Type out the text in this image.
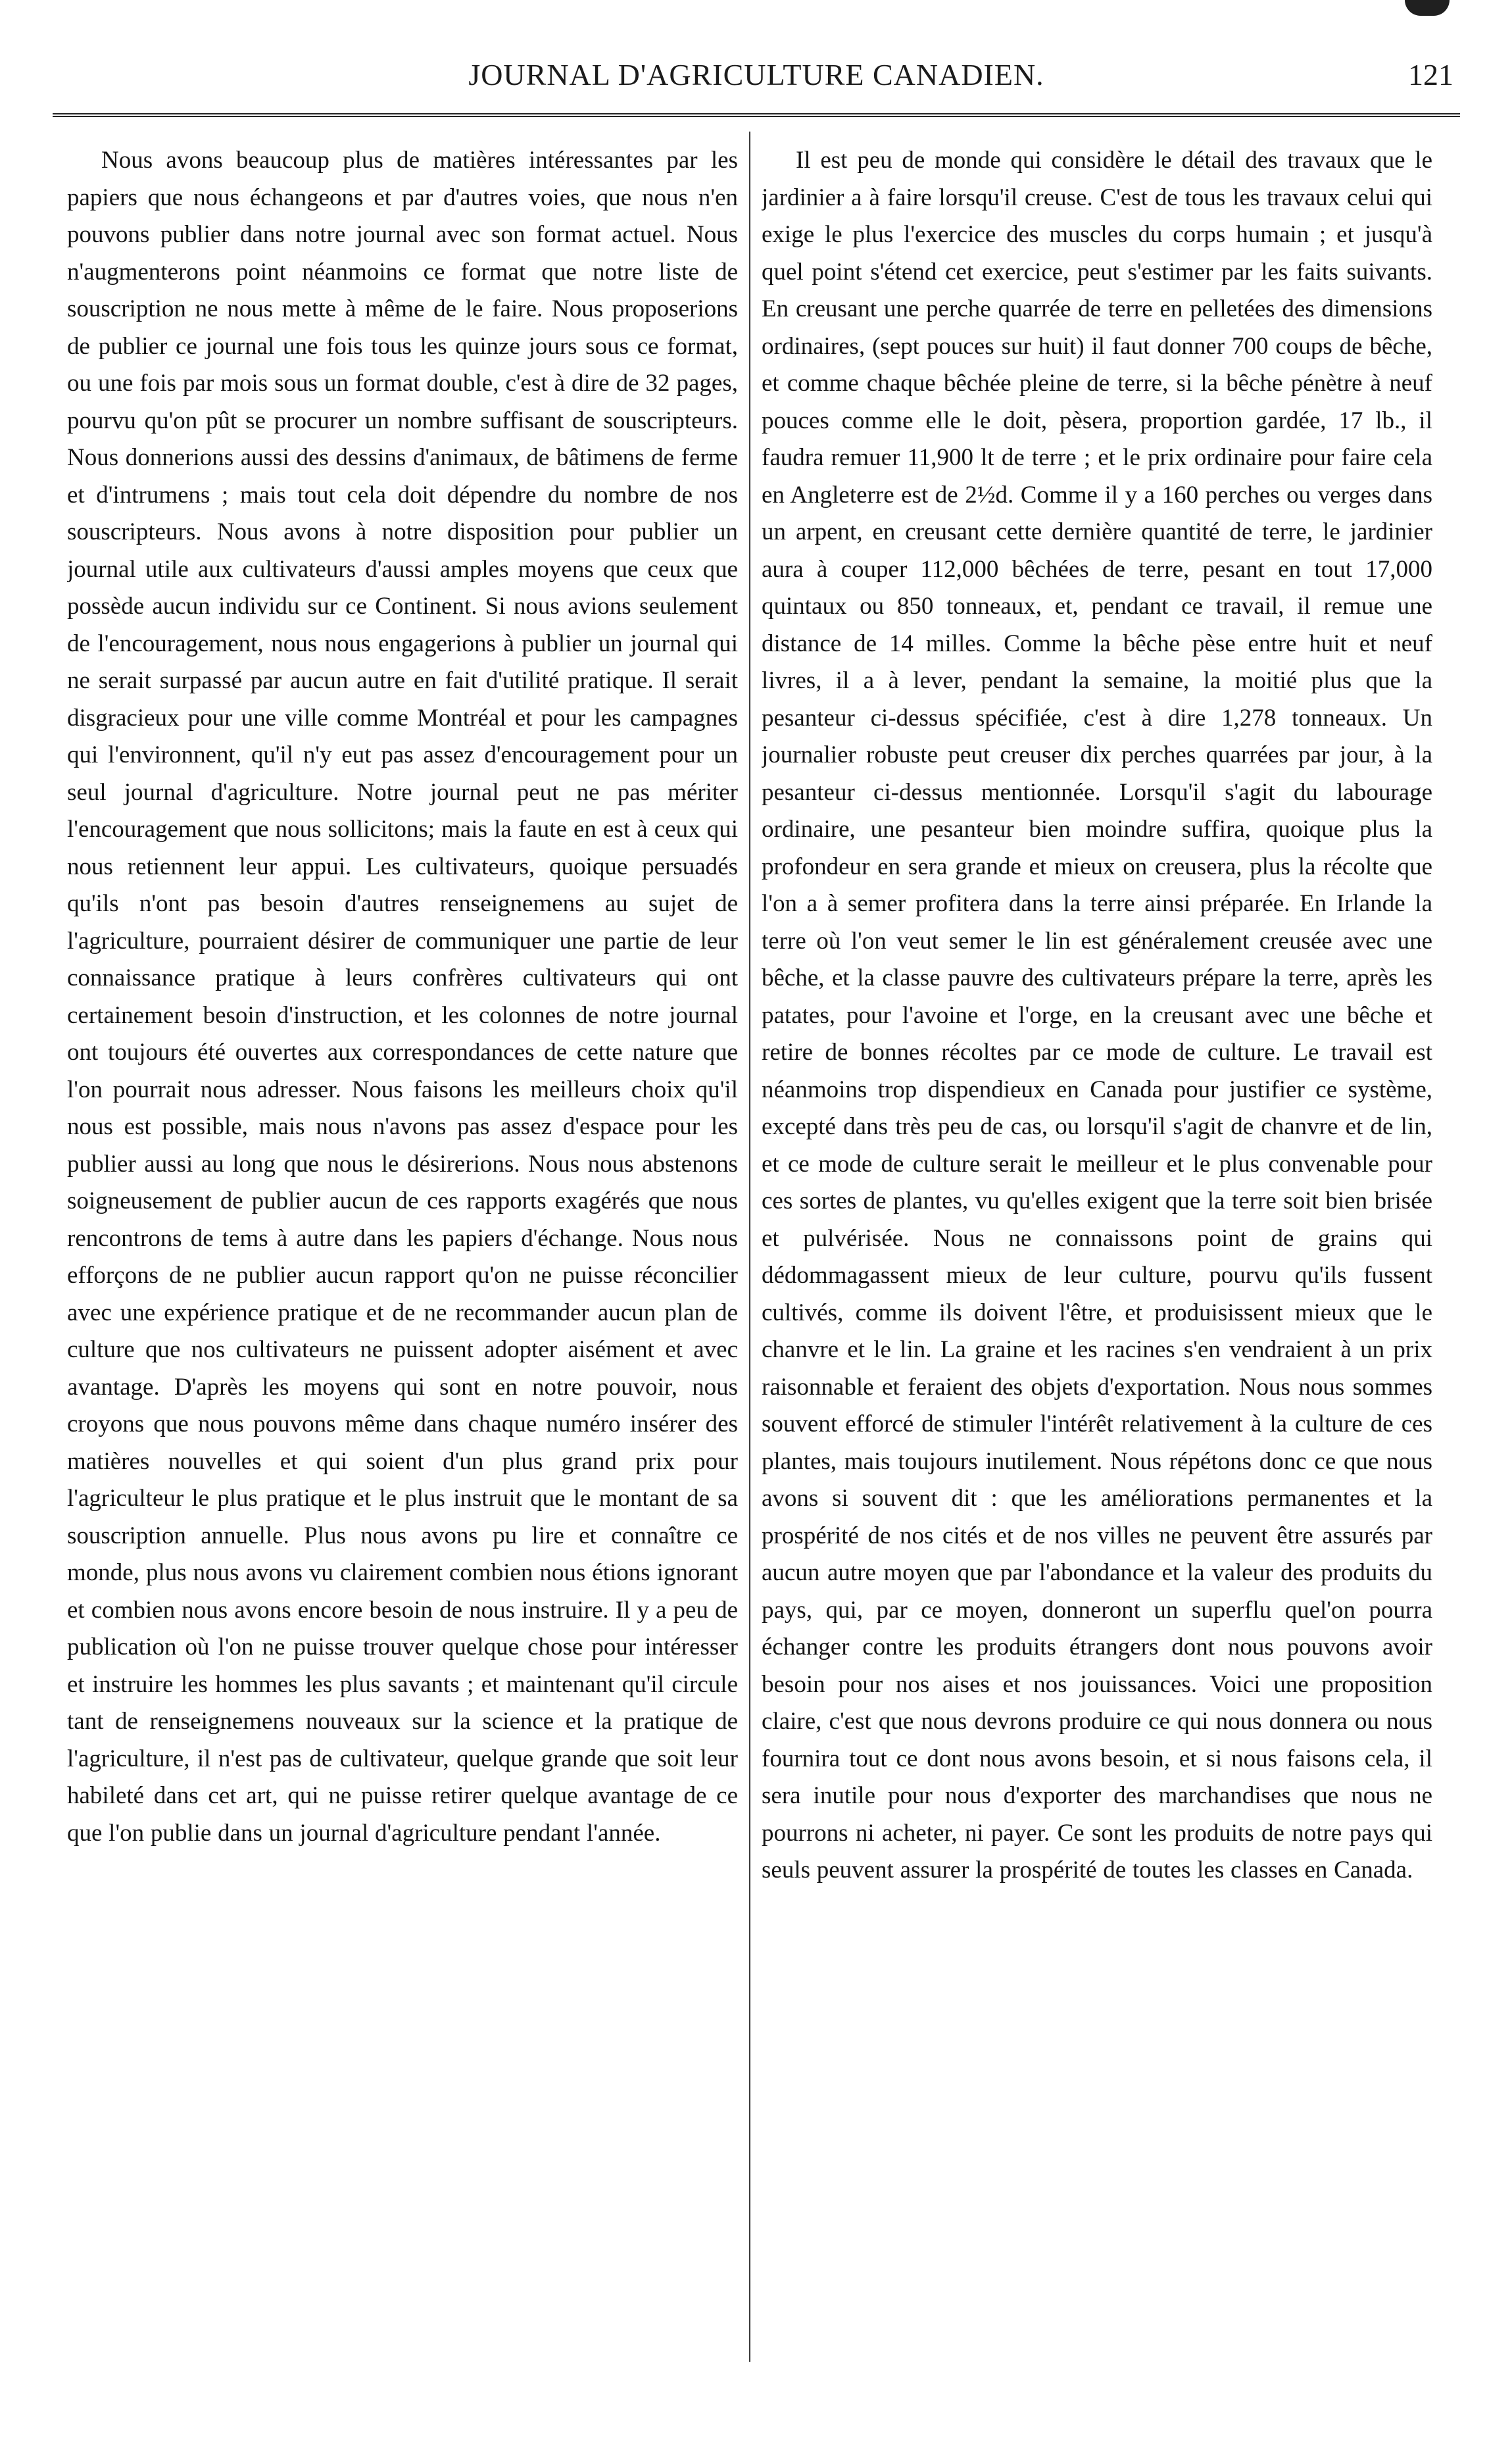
JOURNAL D'AGRICULTURE CANADIEN.	121

Nous avons beaucoup plus de matières intéressantes par les papiers que nous échangeons et par d'autres voies, que nous n'en pouvons publier dans notre journal avec son format actuel. Nous n'augmenterons point néanmoins ce format que notre liste de souscription ne nous mette à même de le faire. Nous proposerions de publier ce journal une fois tous les quinze jours sous ce format, ou une fois par mois sous un format double, c'est à dire de 32 pages, pourvu qu'on pût se procurer un nombre suffisant de souscripteurs. Nous donnerions aussi des dessins d'animaux, de bâtimens de ferme et d'intrumens ; mais tout cela doit dépendre du nombre de nos souscripteurs. Nous avons à notre disposition pour publier un journal utile aux cultivateurs d'aussi amples moyens que ceux que possède aucun individu sur ce Continent. Si nous avions seulement de l'encouragement, nous nous engagerions à publier un journal qui ne serait surpassé par aucun autre en fait d'utilité pratique. Il serait disgracieux pour une ville comme Montréal et pour les campagnes qui l'environnent, qu'il n'y eut pas assez d'encouragement pour un seul journal d'agriculture. Notre journal peut ne pas mériter l'encouragement que nous sollicitons; mais la faute en est à ceux qui nous retiennent leur appui. Les cultivateurs, quoique persuadés qu'ils n'ont pas besoin d'autres renseignemens au sujet de l'agriculture, pourraient désirer de communiquer une partie de leur connaissance pratique à leurs confrères cultivateurs qui ont certainement besoin d'instruction, et les colonnes de notre journal ont toujours été ouvertes aux correspondances de cette nature que l'on pourrait nous adresser. Nous faisons les meilleurs choix qu'il nous est possible, mais nous n'avons pas assez d'espace pour les publier aussi au long que nous le désirerions. Nous nous abstenons soigneusement de publier aucun de ces rapports exagérés que nous rencontrons de tems à autre dans les papiers d'échange. Nous nous efforçons de ne publier aucun rapport qu'on ne puisse réconcilier avec une expérience pratique et de ne recommander aucun plan de culture que nos cultivateurs ne puissent adopter aisément et avec avantage. D'après les moyens qui sont en notre pouvoir, nous croyons que nous pouvons même dans chaque numéro insérer des matières nouvelles et qui soient d'un plus grand prix pour l'agriculteur le plus pratique et le plus instruit que le montant de sa souscription annuelle. Plus nous avons pu lire et connaître ce monde, plus nous avons vu clairement combien nous étions ignorant et combien nous avons encore besoin de nous instruire. Il y a peu de publication où l'on ne puisse trouver quelque chose pour intéresser et instruire les hommes les plus savants ; et maintenant qu'il circule tant de renseignemens nouveaux sur la science et la pratique de l'agriculture, il n'est pas de cultivateur, quelque grande que soit leur habileté dans cet art, qui ne puisse retirer quelque avantage de ce que l'on publie dans un journal d'agriculture pendant l'année.

Il est peu de monde qui considère le détail des travaux que le jardinier a à faire lorsqu'il creuse. C'est de tous les travaux celui qui exige le plus l'exercice des muscles du corps humain ; et jusqu'à quel point s'étend cet exercice, peut s'estimer par les faits suivants. En creusant une perche quarrée de terre en pelletées des dimensions ordinaires, (sept pouces sur huit) il faut donner 700 coups de bêche, et comme chaque bêchée pleine de terre, si la bêche pénètre à neuf pouces comme elle le doit, pèsera, proportion gardée, 17 lb., il faudra remuer 11,900 lt de terre ; et le prix ordinaire pour faire cela en Angleterre est de 2½d. Comme il y a 160 perches ou verges dans un arpent, en creusant cette dernière quantité de terre, le jardinier aura à couper 112,000 bêchées de terre, pesant en tout 17,000 quintaux ou 850 tonneaux, et, pendant ce travail, il remue une distance de 14 milles. Comme la bêche pèse entre huit et neuf livres, il a à lever, pendant la semaine, la moitié plus que la pesanteur ci-dessus spécifiée, c'est à dire 1,278 tonneaux. Un journalier robuste peut creuser dix perches quarrées par jour, à la pesanteur ci-dessus mentionnée. Lorsqu'il s'agit du labourage ordinaire, une pesanteur bien moindre suffira, quoique plus la profondeur en sera grande et mieux on creusera, plus la récolte que l'on a à semer profitera dans la terre ainsi préparée. En Irlande la terre où l'on veut semer le lin est généralement creusée avec une bêche, et la classe pauvre des cultivateurs prépare la terre, après les patates, pour l'avoine et l'orge, en la creusant avec une bêche et retire de bonnes récoltes par ce mode de culture. Le travail est néanmoins trop dispendieux en Canada pour justifier ce système, excepté dans très peu de cas, ou lorsqu'il s'agit de chanvre et de lin, et ce mode de culture serait le meilleur et le plus convenable pour ces sortes de plantes, vu qu'elles exigent que la terre soit bien brisée et pulvérisée. Nous ne connaissons point de grains qui dédommagassent mieux de leur culture, pourvu qu'ils fussent cultivés, comme ils doivent l'être, et produisissent mieux que le chanvre et le lin. La graine et les racines s'en vendraient à un prix raisonnable et feraient des objets d'exportation. Nous nous sommes souvent efforcé de stimuler l'intérêt relativement à la culture de ces plantes, mais toujours inutilement. Nous répétons donc ce que nous avons si souvent dit : que les améliorations permanentes et la prospérité de nos cités et de nos villes ne peuvent être assurés par aucun autre moyen que par l'abondance et la valeur des produits du pays, qui, par ce moyen, donneront un superflu quel'on pourra échanger contre les produits étrangers dont nous pouvons avoir besoin pour nos aises et nos jouissances. Voici une proposition claire, c'est que nous devrons produire ce qui nous donnera ou nous fournira tout ce dont nous avons besoin, et si nous faisons cela, il sera inutile pour nous d'exporter des marchandises que nous ne pourrons ni acheter, ni payer. Ce sont les produits de notre pays qui seuls peuvent assurer la prospérité de toutes les classes en Canada.
